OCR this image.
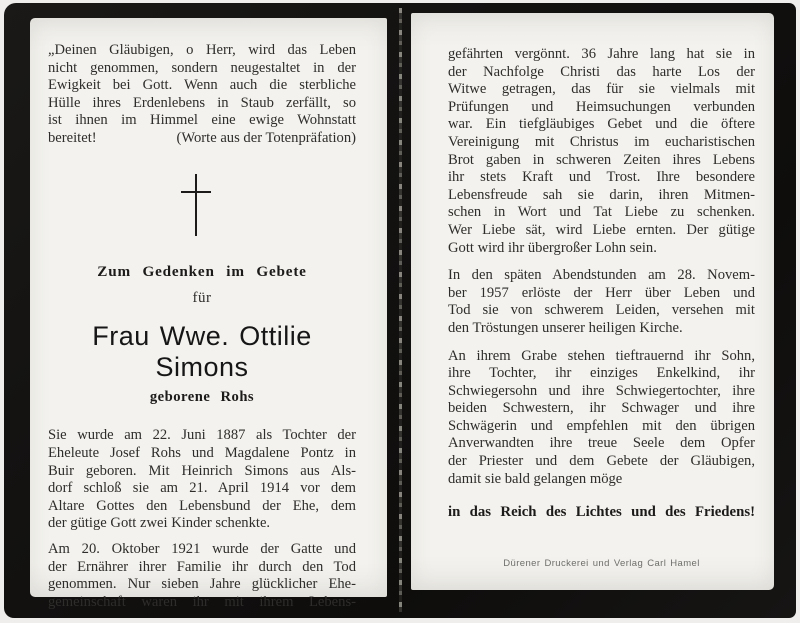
„Deinen Gläubigen, o Herr, wird das Leben
nicht genommen, sondern neugestaltet in der
Ewigkeit bei Gott. Wenn auch die sterbliche
Hülle ihres Erdenlebens in Staub zerfällt, so
ist ihnen im Himmel eine ewige Wohnstatt
bereitet!	(Worte aus der Totenpräfation)
Zum Gedenken im Gebete
für
Frau Wwe. Ottilie Simons
geborene Rohs
Sie wurde am 22. Juni 1887 als Tochter der
Eheleute Josef Rohs und Magdalene Pontz in
Buir geboren. Mit Heinrich Simons aus Als-
dorf schloß sie am 21. April 1914 vor dem
Altare Gottes den Lebensbund der Ehe, dem
der gütige Gott zwei Kinder schenkte.
Am 20. Oktober 1921 wurde der Gatte und
der Ernährer ihrer Familie ihr durch den Tod
genommen. Nur sieben Jahre glücklicher Ehe-
gemeinschaft waren ihr mit ihrem Lebens-
gefährten vergönnt. 36 Jahre lang hat sie in
der Nachfolge Christi das harte Los der
Witwe getragen, das für sie vielmals mit
Prüfungen und Heimsuchungen verbunden
war. Ein tiefgläubiges Gebet und die öftere
Vereinigung mit Christus im eucharistischen
Brot gaben in schweren Zeiten ihres Lebens
ihr stets Kraft und Trost. Ihre besondere
Lebensfreude sah sie darin, ihren Mitmen-
schen in Wort und Tat Liebe zu schenken.
Wer Liebe sät, wird Liebe ernten. Der gütige
Gott wird ihr übergroßer Lohn sein.
In den späten Abendstunden am 28. Novem-
ber 1957 erlöste der Herr über Leben und
Tod sie von schwerem Leiden, versehen mit
den Tröstungen unserer heiligen Kirche.
An ihrem Grabe stehen tieftrauernd ihr Sohn,
ihre Tochter, ihr einziges Enkelkind, ihr
Schwiegersohn und ihre Schwiegertochter, ihre
beiden Schwestern, ihr Schwager und ihre
Schwägerin und empfehlen mit den übrigen
Anverwandten ihre treue Seele dem Opfer
der Priester und dem Gebete der Gläubigen,
damit sie bald gelangen möge
in das Reich des Lichtes und des Friedens!
Dürener Druckerei und Verlag Carl Hamel
